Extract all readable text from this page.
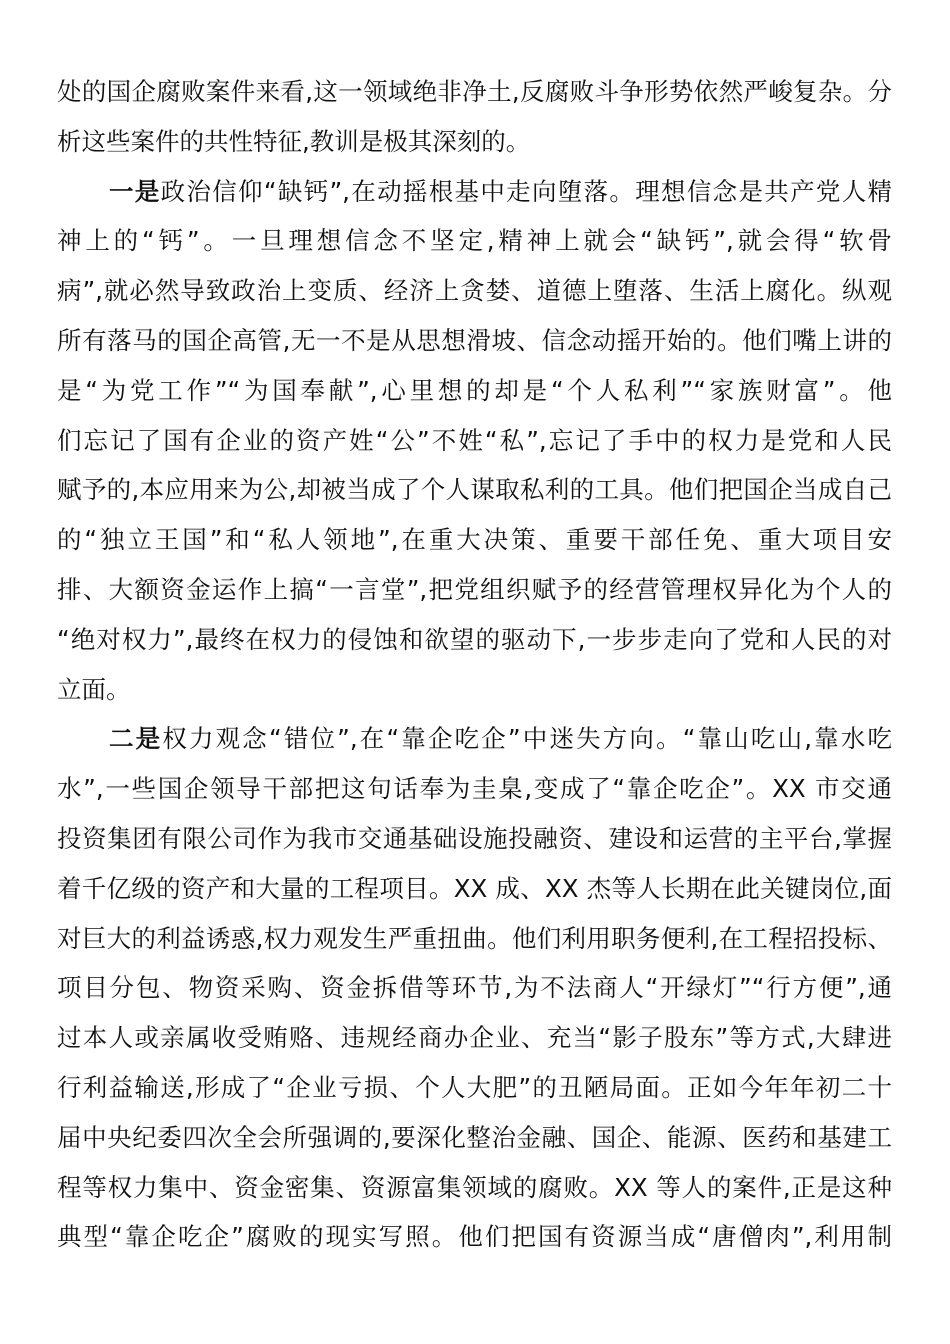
处的国企腐败案件来看,这一领域绝非净土,反腐败斗争形势依然严峻复杂。分
析这些案件的共性特征,教训是极其深刻的。
一是政治信仰“缺钙”,在动摇根基中走向堕落。理想信念是共产党人精
神上的“钙”。一旦理想信念不坚定,精神上就会“缺钙”,就会得“软骨
病”,就必然导致政治上变质、经济上贪婪、道德上堕落、生活上腐化。纵观
所有落马的国企高管,无一不是从思想滑坡、信念动摇开始的。他们嘴上讲的
是“为党工作”“为国奉献”,心里想的却是“个人私利”“家族财富”。他
们忘记了国有企业的资产姓“公”不姓“私”,忘记了手中的权力是党和人民
赋予的,本应用来为公,却被当成了个人谋取私利的工具。他们把国企当成自己
的“独立王国”和“私人领地”,在重大决策、重要干部任免、重大项目安
排、大额资金运作上搞“一言堂”,把党组织赋予的经营管理权异化为个人的
“绝对权力”,最终在权力的侵蚀和欲望的驱动下,一步步走向了党和人民的对
立面。
二是权力观念“错位”,在“靠企吃企”中迷失方向。“靠山吃山,靠水吃
水”,一些国企领导干部把这句话奉为圭臬,变成了“靠企吃企”。XX 市交通
投资集团有限公司作为我市交通基础设施投融资、建设和运营的主平台,掌握
着千亿级的资产和大量的工程项目。XX 成、XX 杰等人长期在此关键岗位,面
对巨大的利益诱惑,权力观发生严重扭曲。他们利用职务便利,在工程招投标、
项目分包、物资采购、资金拆借等环节,为不法商人“开绿灯”“行方便”,通
过本人或亲属收受贿赂、违规经商办企业、充当“影子股东”等方式,大肆进
行利益输送,形成了“企业亏损、个人大肥”的丑陋局面。正如今年年初二十
届中央纪委四次全会所强调的,要深化整治金融、国企、能源、医药和基建工
程等权力集中、资金密集、资源富集领域的腐败。XX 等人的案件,正是这种
典型“靠企吃企”腐败的现实写照。他们把国有资源当成“唐僧肉”,利用制
